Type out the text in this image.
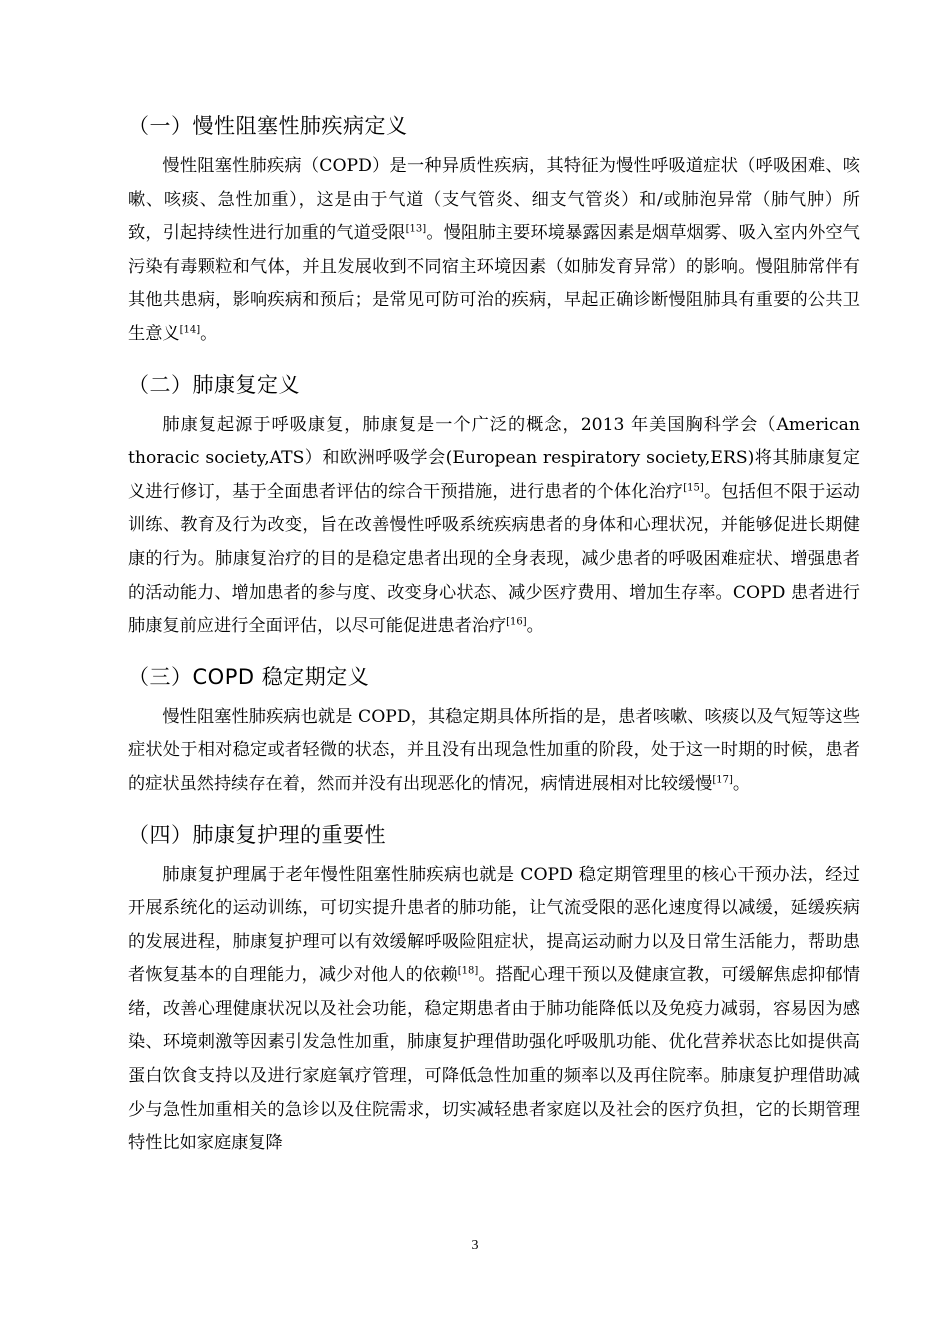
（一）慢性阻塞性肺疾病定义

慢性阻塞性肺疾病（COPD）是一种异质性疾病，其特征为慢性呼吸道症状（呼吸困难、咳嗽、咳痰、急性加重），这是由于气道（支气管炎、细支气管炎）和/或肺泡异常（肺气肿）所致，引起持续性进行加重的气道受限[13]。慢阻肺主要环境暴露因素是烟草烟雾、吸入室内外空气污染有毒颗粒和气体，并且发展收到不同宿主环境因素（如肺发育异常）的影响。慢阻肺常伴有其他共患病，影响疾病和预后；是常见可防可治的疾病，早起正确诊断慢阻肺具有重要的公共卫生意义[14]。

（二）肺康复定义

肺康复起源于呼吸康复，肺康复是一个广泛的概念，2013 年美国胸科学会（American thoracic society,ATS）和欧洲呼吸学会(European respiratory society,ERS)将其肺康复定义进行修订，基于全面患者评估的综合干预措施，进行患者的个体化治疗[15]。包括但不限于运动训练、教育及行为改变，旨在改善慢性呼吸系统疾病患者的身体和心理状况，并能够促进长期健康的行为。肺康复治疗的目的是稳定患者出现的全身表现，减少患者的呼吸困难症状、增强患者的活动能力、增加患者的参与度、改变身心状态、减少医疗费用、增加生存率。COPD 患者进行肺康复前应进行全面评估，以尽可能促进患者治疗[16]。

（三）COPD 稳定期定义

慢性阻塞性肺疾病也就是 COPD，其稳定期具体所指的是，患者咳嗽、咳痰以及气短等这些症状处于相对稳定或者轻微的状态，并且没有出现急性加重的阶段，处于这一时期的时候，患者的症状虽然持续存在着，然而并没有出现恶化的情况，病情进展相对比较缓慢[17]。

（四）肺康复护理的重要性

肺康复护理属于老年慢性阻塞性肺疾病也就是 COPD 稳定期管理里的核心干预办法，经过开展系统化的运动训练，可切实提升患者的肺功能，让气流受限的恶化速度得以减缓，延缓疾病的发展进程，肺康复护理可以有效缓解呼吸险阻症状，提高运动耐力以及日常生活能力，帮助患者恢复基本的自理能力，减少对他人的依赖[18]。搭配心理干预以及健康宣教，可缓解焦虑抑郁情绪，改善心理健康状况以及社会功能，稳定期患者由于肺功能降低以及免疫力减弱，容易因为感染、环境刺激等因素引发急性加重，肺康复护理借助强化呼吸肌功能、优化营养状态比如提供高蛋白饮食支持以及进行家庭氧疗管理，可降低急性加重的频率以及再住院率。肺康复护理借助减少与急性加重相关的急诊以及住院需求，切实减轻患者家庭以及社会的医疗负担，它的长期管理特性比如家庭康复降

3
